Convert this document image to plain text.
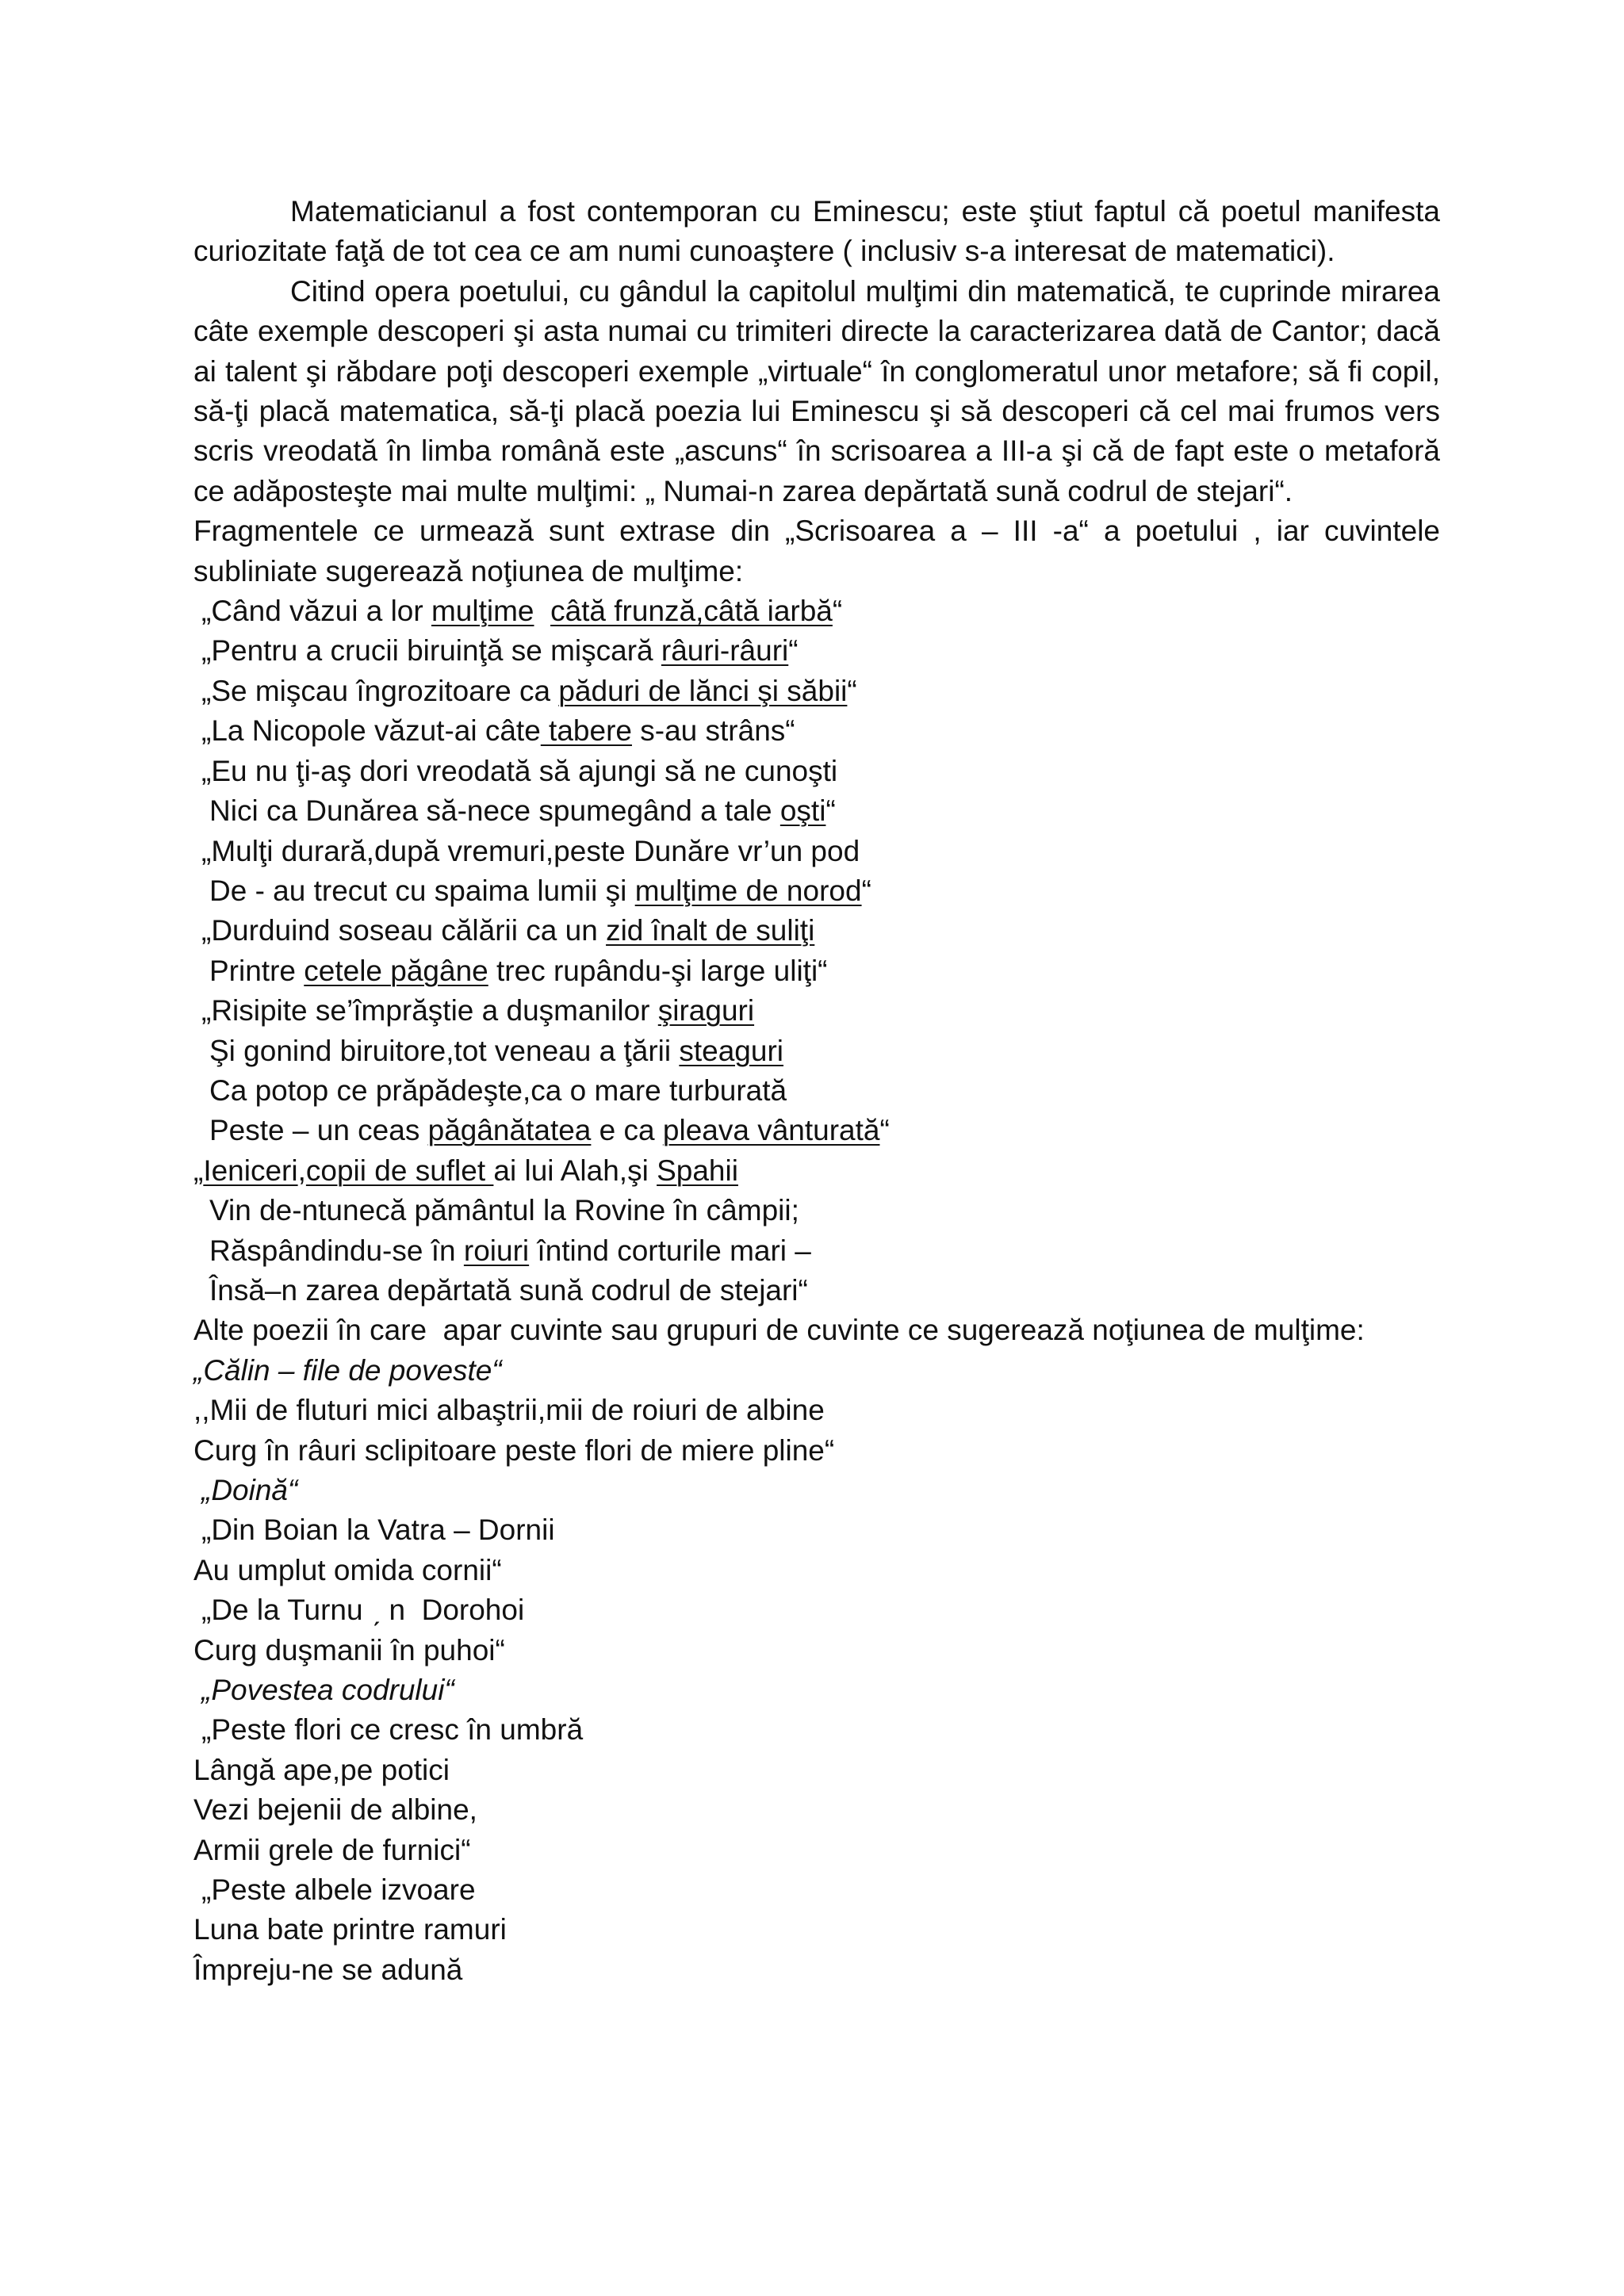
Matematicianul a fost contemporan cu Eminescu; este ştiut faptul că poetul manifesta curiozitate faţă de tot cea ce am numi cunoaştere ( inclusiv s-a interesat de matematici).

Citind opera poetului, cu gândul la capitolul mulţimi din matematică, te cuprinde mirarea câte exemple descoperi şi asta numai cu trimiteri directe la caracterizarea dată de Cantor; dacă ai talent şi răbdare poţi descoperi exemple „virtuale“ în conglomeratul unor metafore; să fi copil, să-ţi placă matematica, să-ţi placă poezia lui Eminescu şi să descoperi că cel mai frumos vers scris vreodată în limba română este „ascuns“ în scrisoarea a III-a şi că de fapt este o metaforă ce adăposteşte mai multe mulţimi: „ Numai-n zarea depărtată sună codrul de stejari“.

Fragmentele ce urmează sunt extrase din „Scrisoarea a – III -a“ a poetului , iar cuvintele subliniate sugerează noţiunea de mulţime:

„Când văzui a lor mulţime câtă frunză,câtă iarbă“
„Pentru a crucii biruinţă se mişcară râuri-râuri“
„Se mişcau îngrozitoare ca păduri de lănci şi săbii“
„La Nicopole văzut-ai câte tabere s-au strâns“
„Eu nu ţi-aş dori vreodată să ajungi să ne cunoşti
Nici ca Dunărea să-nece spumegând a tale oşti“
„Mulţi durară,după vremuri,peste Dunăre vr’un pod
De - au trecut cu spaima lumii şi mulţime de norod“
„Durduind soseau călării ca un zid înalt de suliţi
Printre cetele păgâne trec rupându-şi large uliţi“
„Risipite se’împrăştie a duşmanilor şiraguri
Şi gonind biruitore,tot veneau a ţării steaguri
Ca potop ce prăpădeşte,ca o mare turburată
Peste – un ceas păgânătatea e ca pleava vânturată“
„Ieniceri,copii de suflet ai lui Alah,şi Spahii
Vin de-ntunecă pământul la Rovine în câmpii;
Răspândindu-se în roiuri întind corturile mari –
Însă–n zarea depărtată sună codrul de stejari“
Alte poezii în care  apar cuvinte sau grupuri de cuvinte ce sugerează noţiunea de mulţime:
„Călin – file de poveste“
,,Mii de fluturi mici albaştrii,mii de roiuri de albine
Curg în râuri sclipitoare peste flori de miere pline“
„Doină“
„Din Boian la Vatra – Dornii
Au umplut omida cornii“
„De la Turnu ˏ n  Dorohoi
Curg duşmanii în puhoi“
„Povestea codrului“
„Peste flori ce cresc în umbră
Lângă ape,pe potici
Vezi bejenii de albine,
Armii grele de furnici“
„Peste albele izvoare
Luna bate printre ramuri
Împreju-ne se adună
